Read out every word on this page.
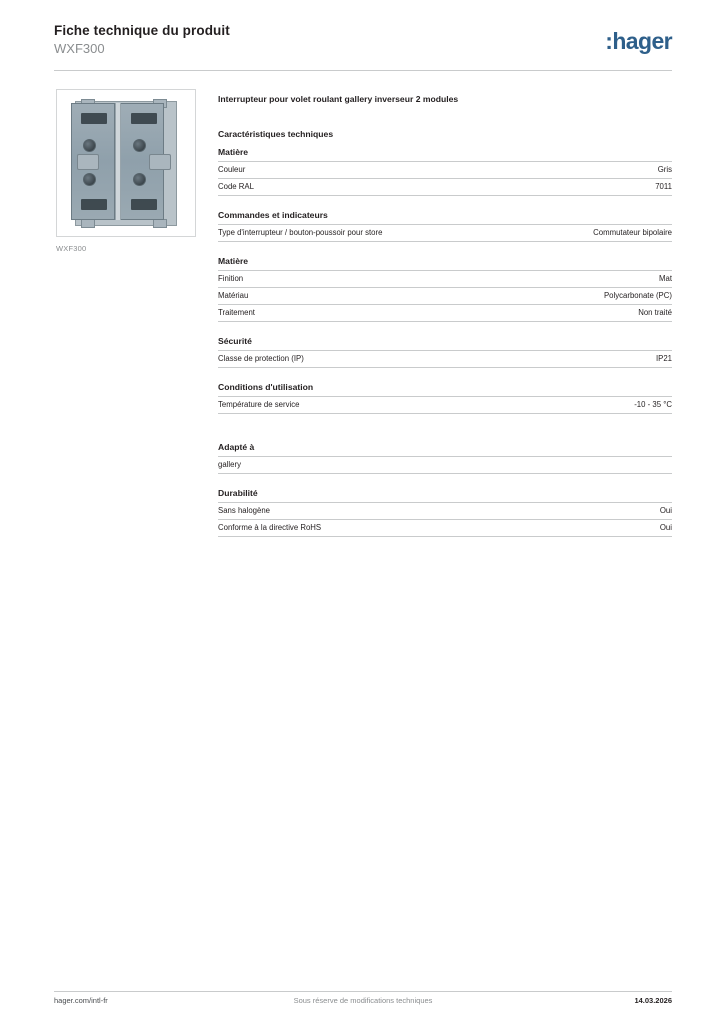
Fiche technique du produit
WXF300	:hager
WXF300
Interrupteur pour volet roulant gallery inverseur 2 modules
Caractéristiques techniques
Matière
Couleur	Gris
Code RAL	7011
Commandes et indicateurs
Type d'interrupteur / bouton-poussoir pour store	Commutateur bipolaire
Matière
Finition	Mat
Matériau	Polycarbonate (PC)
Traitement	Non traité
Sécurité
Classe de protection (IP)	IP21
Conditions d'utilisation
Température de service	-10 - 35 °C
Adapté à
gallery	
Durabilité
Sans halogène	Oui
Conforme à la directive RoHS	Oui
hager.com/intl-fr	Sous réserve de modifications techniques	14.03.2026
